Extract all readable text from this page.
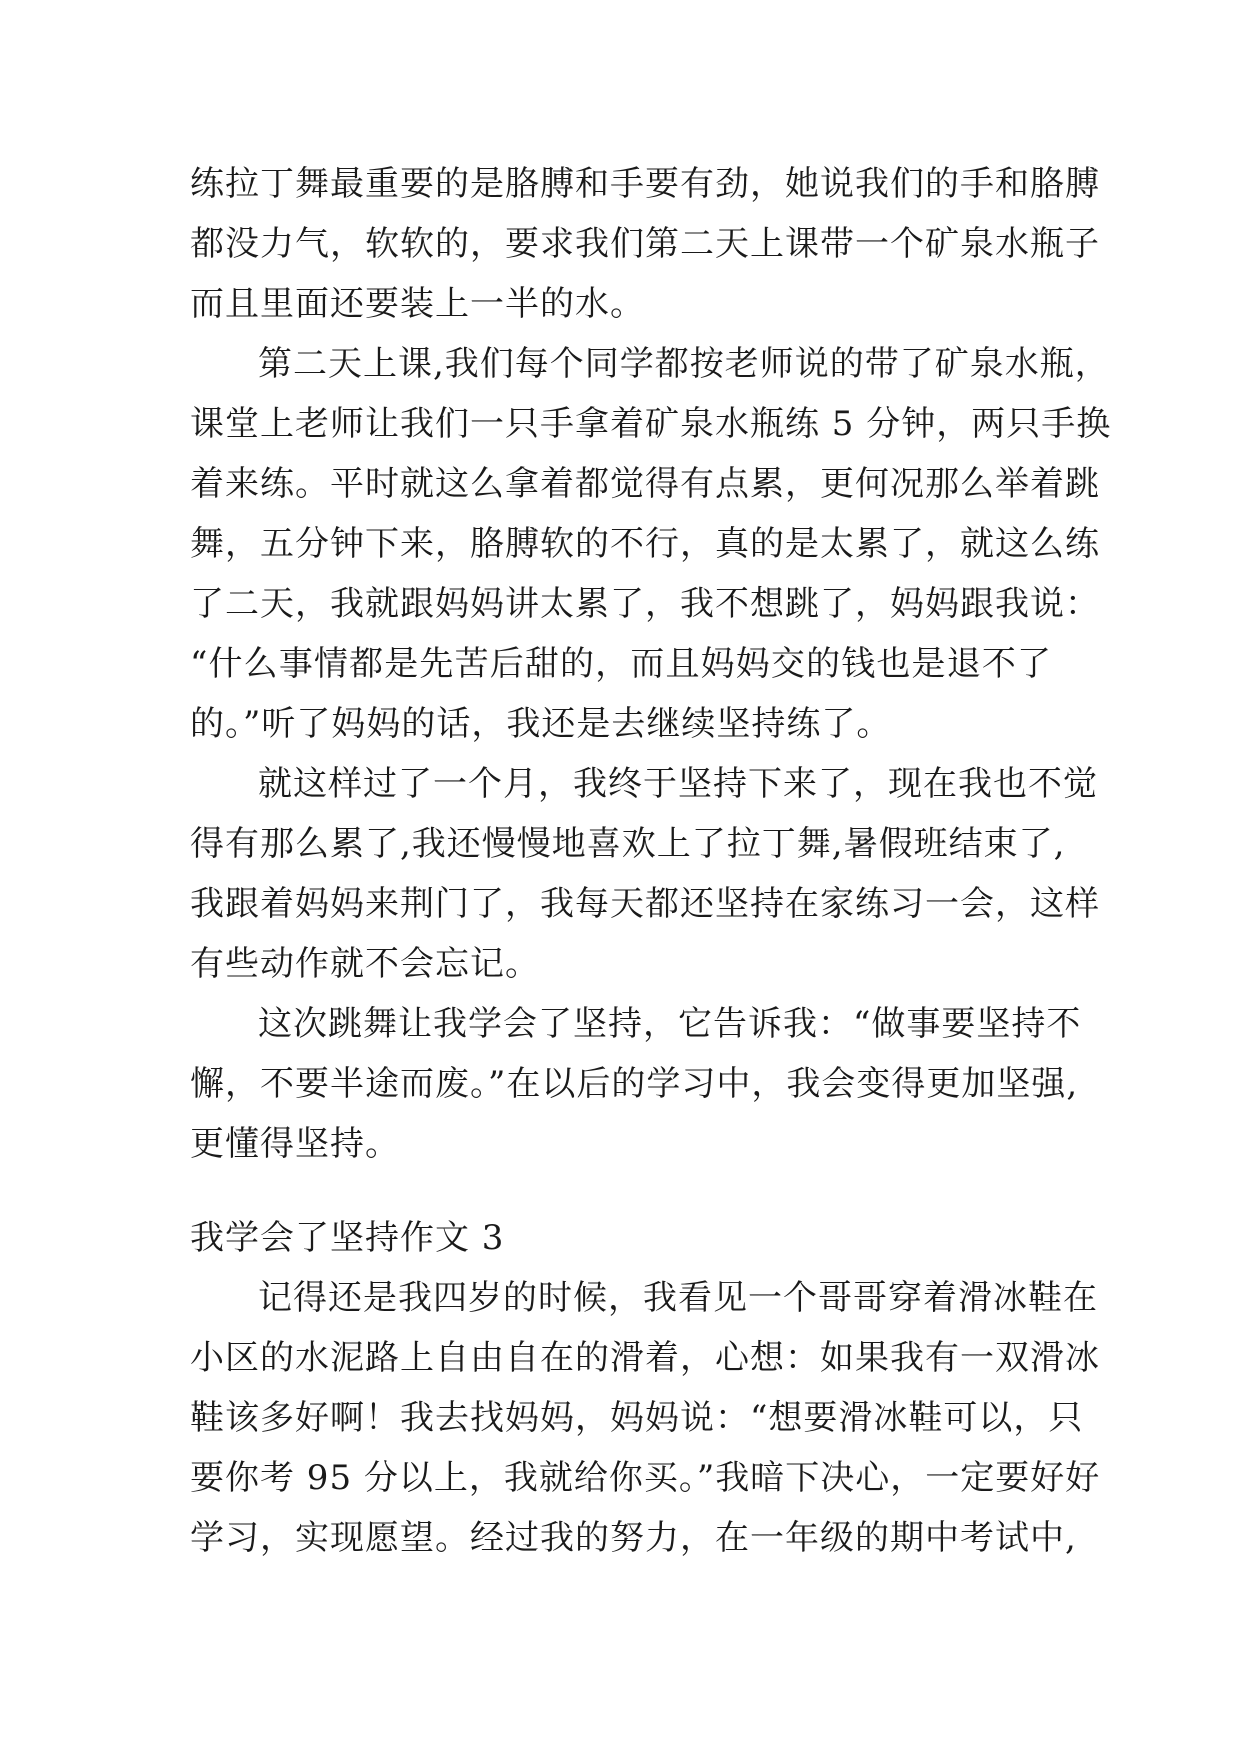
练拉丁舞最重要的是胳膊和手要有劲，她说我们的手和胳膊
都没力气，软软的，要求我们第二天上课带一个矿泉水瓶子
而且里面还要装上一半的水。
第二天上课,我们每个同学都按老师说的带了矿泉水瓶，
课堂上老师让我们一只手拿着矿泉水瓶练 5 分钟，两只手换
着来练。平时就这么拿着都觉得有点累，更何况那么举着跳
舞，五分钟下来，胳膊软的不行，真的是太累了，就这么练
了二天，我就跟妈妈讲太累了，我不想跳了，妈妈跟我说：
“什么事情都是先苦后甜的，而且妈妈交的钱也是退不了
的。”听了妈妈的话，我还是去继续坚持练了。
就这样过了一个月，我终于坚持下来了，现在我也不觉
得有那么累了,我还慢慢地喜欢上了拉丁舞,暑假班结束了,
我跟着妈妈来荆门了，我每天都还坚持在家练习一会，这样
有些动作就不会忘记。
这次跳舞让我学会了坚持，它告诉我：“做事要坚持不
懈，不要半途而废。”在以后的学习中，我会变得更加坚强,
更懂得坚持。
我学会了坚持作文 3
记得还是我四岁的时候，我看见一个哥哥穿着滑冰鞋在
小区的水泥路上自由自在的滑着，心想：如果我有一双滑冰
鞋该多好啊！我去找妈妈，妈妈说：“想要滑冰鞋可以，只
要你考 95 分以上，我就给你买。”我暗下决心，一定要好好
学习，实现愿望。经过我的努力，在一年级的期中考试中,
